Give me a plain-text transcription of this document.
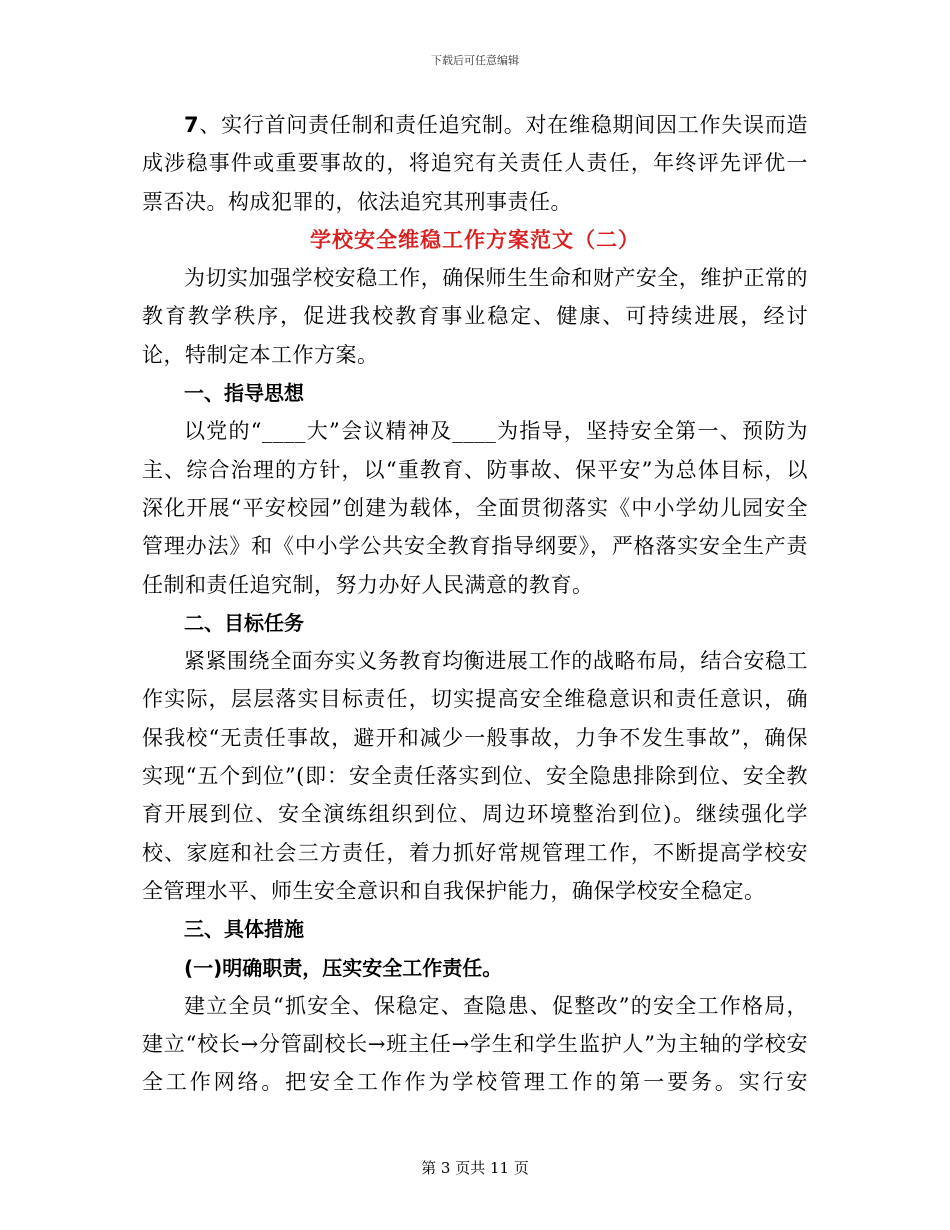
下载后可任意编辑

7、实行首问责任制和责任追究制。对在维稳期间因工作失误而造成涉稳事件或重要事故的，将追究有关责任人责任，年终评先评优一票否决。构成犯罪的，依法追究其刑事责任。

学校安全维稳工作方案范文（二）

为切实加强学校安稳工作，确保师生生命和财产安全，维护正常的教育教学秩序，促进我校教育事业稳定、健康、可持续进展，经讨论，特制定本工作方案。

一、指导思想

以党的“____大”会议精神及____为指导，坚持安全第一、预防为主、综合治理的方针，以“重教育、防事故、保平安”为总体目标，以深化开展“平安校园”创建为载体，全面贯彻落实《中小学幼儿园安全管理办法》和《中小学公共安全教育指导纲要》，严格落实安全生产责任制和责任追究制，努力办好人民满意的教育。

二、目标任务

紧紧围绕全面夯实义务教育均衡进展工作的战略布局，结合安稳工作实际，层层落实目标责任，切实提高安全维稳意识和责任意识，确保我校“无责任事故，避开和减少一般事故，力争不发生事故”，确保实现“五个到位”(即：安全责任落实到位、安全隐患排除到位、安全教育开展到位、安全演练组织到位、周边环境整治到位)。继续强化学校、家庭和社会三方责任，着力抓好常规管理工作，不断提高学校安全管理水平、师生安全意识和自我保护能力，确保学校安全稳定。

三、具体措施
(一)明确职责，压实安全工作责任。

建立全员“抓安全、保稳定、查隐患、促整改”的安全工作格局，建立“校长→分管副校长→班主任→学生和学生监护人”为主轴的学校安全工作网络。把安全工作作为学校管理工作的第一要务。实行安

第 3 页共 11 页
